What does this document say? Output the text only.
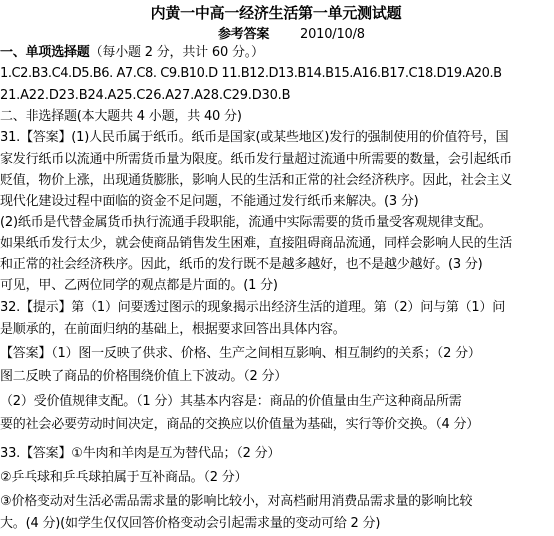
内黄一中高一经济生活第一单元测试题
参考答案 2010/10/8
一、单项选择题（每小题 2 分，共计 60 分。）
1.C2.B3.C4.D5.B6. A7.C8. C9.B10.D 11.B12.D13.B14.B15.A16.B17.C18.D19.A20.B
21.A22.D23.B24.A25.C26.A27.A28.C29.D30.B
二、非选择题(本大题共 4 小题，共 40 分)
31.【答案】(1)人民币属于纸币。纸币是国家(或某些地区)发行的强制使用的价值符号，国
家发行纸币以流通中所需货币量为限度。纸币发行量超过流通中所需要的数量，会引起纸币
贬值，物价上涨，出现通货膨胀，影响人民的生活和正常的社会经济秩序。因此，社会主义
现代化建设过程中面临的资金不足问题，不能通过发行纸币来解决。(3 分)
(2)纸币是代替金属货币执行流通手段职能，流通中实际需要的货币量受客观规律支配。
如果纸币发行太少，就会使商品销售发生困难，直接阻碍商品流通，同样会影响人民的生活
和正常的社会经济秩序。因此，纸币的发行既不是越多越好，也不是越少越好。(3 分)
可见，甲、乙两位同学的观点都是片面的。(1 分)
32.【提示】第（1）问要透过图示的现象揭示出经济生活的道理。第（2）问与第（1）问
是顺承的，在前面归纳的基础上，根据要求回答出具体内容。
【答案】（1）图一反映了供求、价格、生产之间相互影响、相互制约的关系；（2 分）
图二反映了商品的价格围绕价值上下波动。（2 分）
（2）受价值规律支配。（1 分）其基本内容是：商品的价值量由生产这种商品所需
要的社会必要劳动时间决定，商品的交换应以价值量为基础，实行等价交换。（4 分）
33.【答案】①牛肉和羊肉是互为替代品；（2 分）
②乒乓球和乒乓球拍属于互补商品。（2 分）
③价格变动对生活必需品需求量的影响比较小，对高档耐用消费品需求量的影响比较
大。(4 分)(如学生仅仅回答价格变动会引起需求量的变动可给 2 分)
